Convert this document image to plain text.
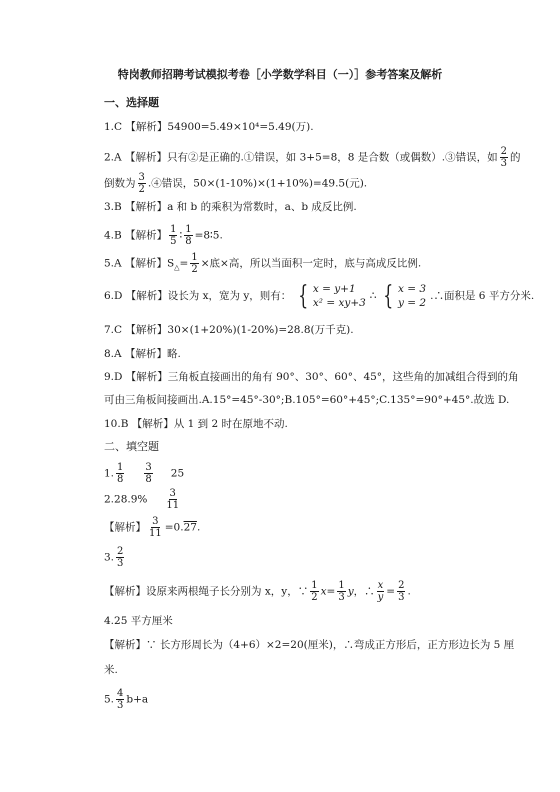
特岗教师招聘考试模拟考卷［小学数学科目（一）］参考答案及解析
一、选择题
1.C 【解析】54900=5.49×10⁴=5.49(万).
2.A 【解析】只有②是正确的.①错误，如 3+5=8，8 是合数（或偶数）.③错误，如 $\frac{2}{3}$ 的
倒数为 $\frac{3}{2}$ .④错误，50×(1-10%)×(1+10%)=49.5(元).
3.B 【解析】a 和 b 的乘积为常数时，a、b 成反比例.
4.B 【解析】 $\frac{1}{5}$ ∶ $\frac{1}{8}$ =8∶5.
5.A 【解析】$S_\triangle= \frac{1}{2}$ ×底×高，所以当面积一定时，底与高成反比例.
6.D 【解析】设长为 x，宽为 y，则有： { x = y+1
x² = xy+3
∴ { x = 3
y = 2
.∴面积是 6 平方分米.
7.C 【解析】30×(1+20%)(1-20%)=28.8(万千克).
8.A 【解析】略.
9.D 【解析】三角板直接画出的角有 90°、30°、60°、45°，这些角的加减组合得到的角
可由三角板间接画出.A.15°=45°-30°;B.105°=60°+45°;C.135°=90°+45°.故选 D.
10.B 【解析】从 1 到 2 时在原地不动.
二、填空题
1. $\frac{1}{8} \frac{3}{8} 25$
$2.28.9\% \frac{3}{11}$
【解析】 $\frac{3}{11} =0.27$.
3. $\frac{2}{3}$
【解析】设原来两根绳子长分别为 x，y，∵ $\frac{1}{2} x= \frac{1}{3}$ y，∴ $\frac{x}{y} = \frac{2}{3}$ .
4.25 平方厘米
【解析】∵ 长方形周长为（4+6）×2=20(厘米)，∴弯成正方形后，正方形边长为 5 厘
米.
5. $\frac{4}{3} b+a$
